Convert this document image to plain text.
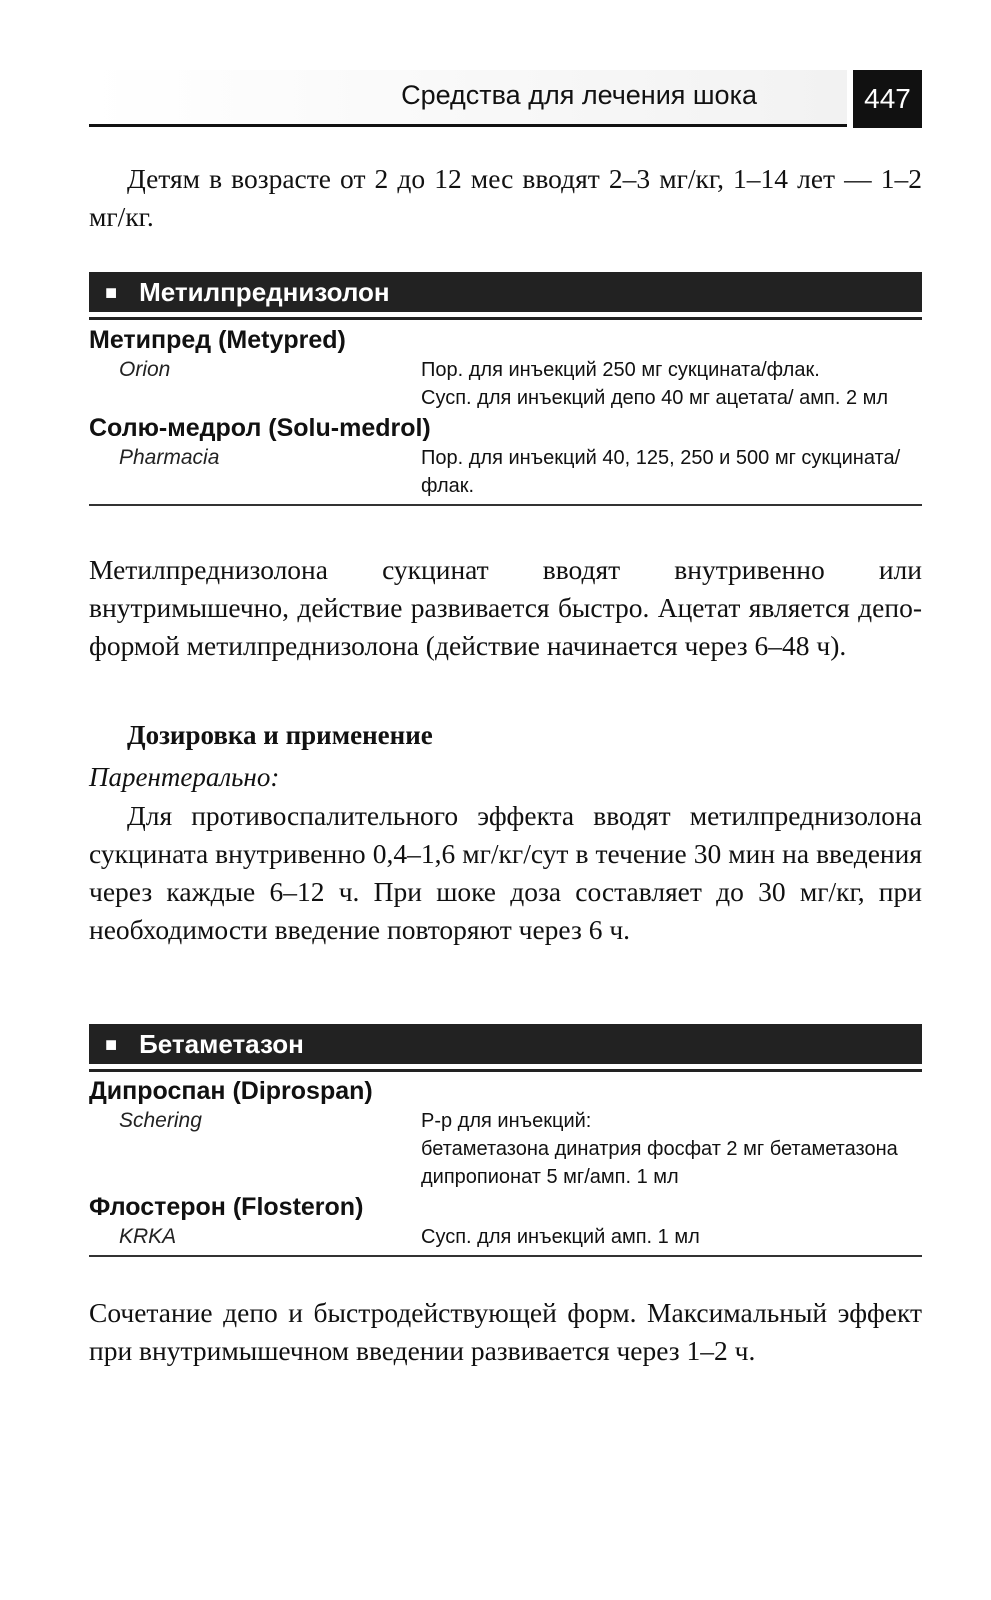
Средства для лечения шока	447

Детям в возрасте от 2 до 12 мес вводят 2–3 мг/кг, 1–14 лет — 1–2 мг/кг.

■ Метилпреднизолон
Метипред (Metypred)
Orion	Пор. для инъекций 250 мг сукцината/флак.
Сусп. для инъекций депо 40 мг ацетата/ амп. 2 мл
Солю-медрол (Solu-medrol)
Pharmacia	Пор. для инъекций 40, 125, 250 и 500 мг сукцината/флак.

Метилпреднизолона сукцинат вводят внутривенно или внутримышечно, действие развивается быстро. Ацетат является депо-формой метилпреднизолона (действие начинается через 6–48 ч).

Дозировка и применение
Парентерально:

Для противоспалительного эффекта вводят метилпреднизолона сукцината внутривенно 0,4–1,6 мг/кг/сут в течение 30 мин на введения через каждые 6–12 ч. При шоке доза составляет до 30 мг/кг, при необходимости введение повторяют через 6 ч.

■ Бетаметазон
Дипроспан (Diprospan)
Schering	Р-р для инъекций:
бетаметазона динатрия фосфат 2 мг бетаметазона дипропионат 5 мг/амп. 1 мл
Флостерон (Flosteron)
KRKA	Сусп. для инъекций амп. 1 мл

Сочетание депо и быстродействующей форм. Максимальный эффект при внутримышечном введении развивается через 1–2 ч.
